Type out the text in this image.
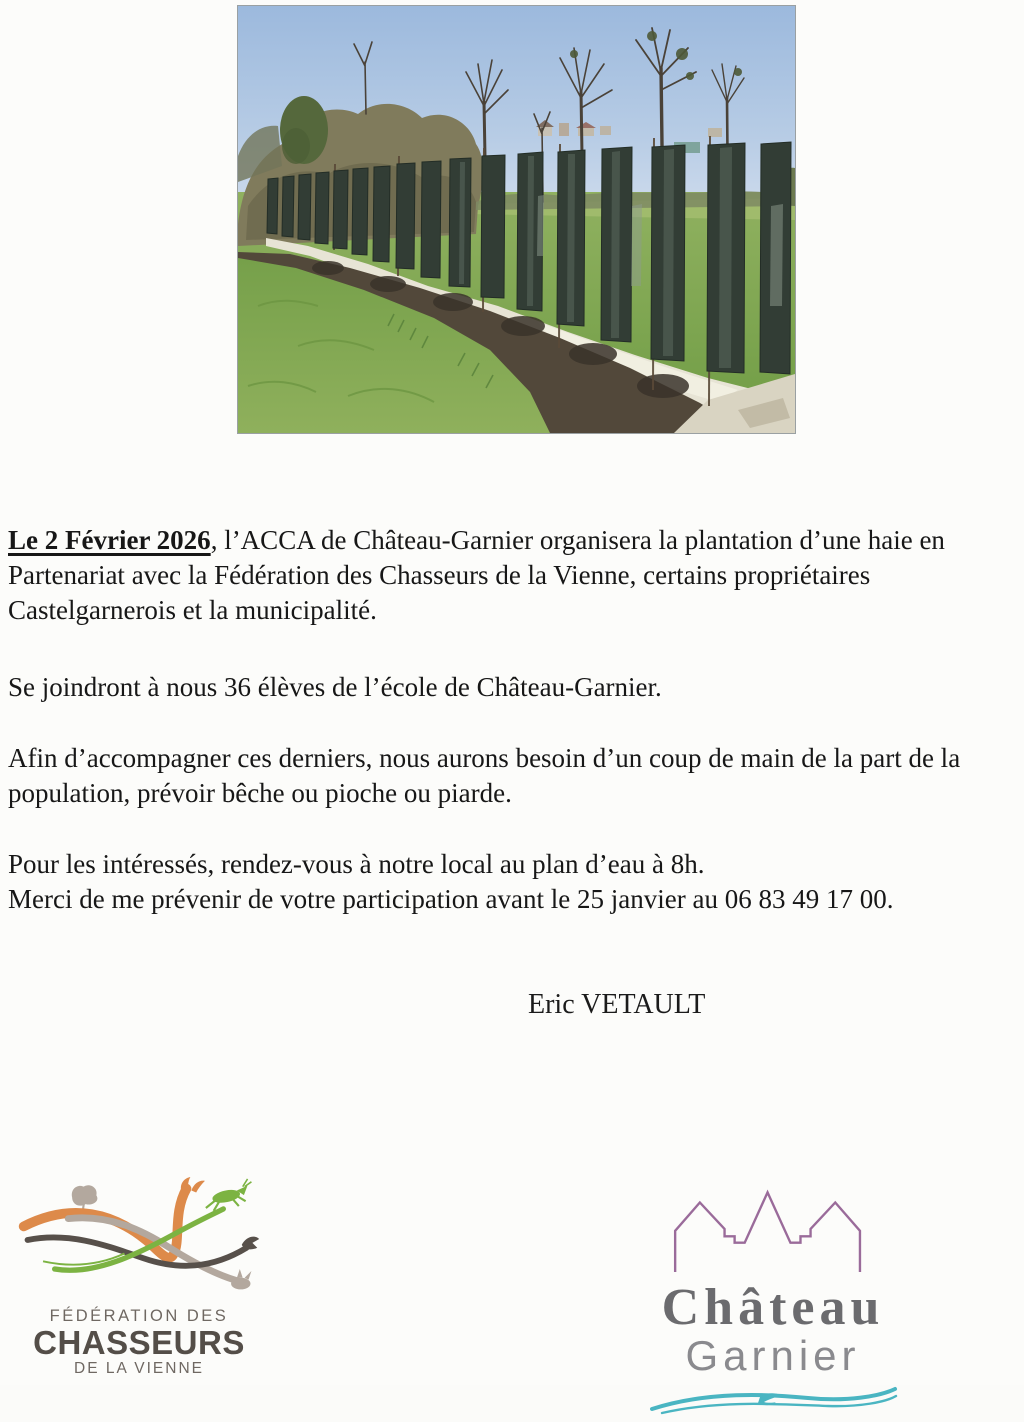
Le 2 Février 2026, l’ACCA de Château-Garnier organisera la plantation d’une haie en Partenariat avec la Fédération des Chasseurs de la Vienne, certains propriétaires Castelgarnerois et la municipalité.

Se joindront à nous 36 élèves de l’école de Château-Garnier.

Afin d’accompagner ces derniers, nous aurons besoin d’un coup de main de la part de la population, prévoir bêche ou pioche ou piarde.

Pour les intéressés, rendez-vous à notre local au plan d’eau à 8h.
Merci de me prévenir de votre participation avant le 25 janvier au 06 83 49 17 00.

Eric VETAULT
FÉDÉRATION DES
CHASSEURS
DE LA VIENNE
Château
Garnier
